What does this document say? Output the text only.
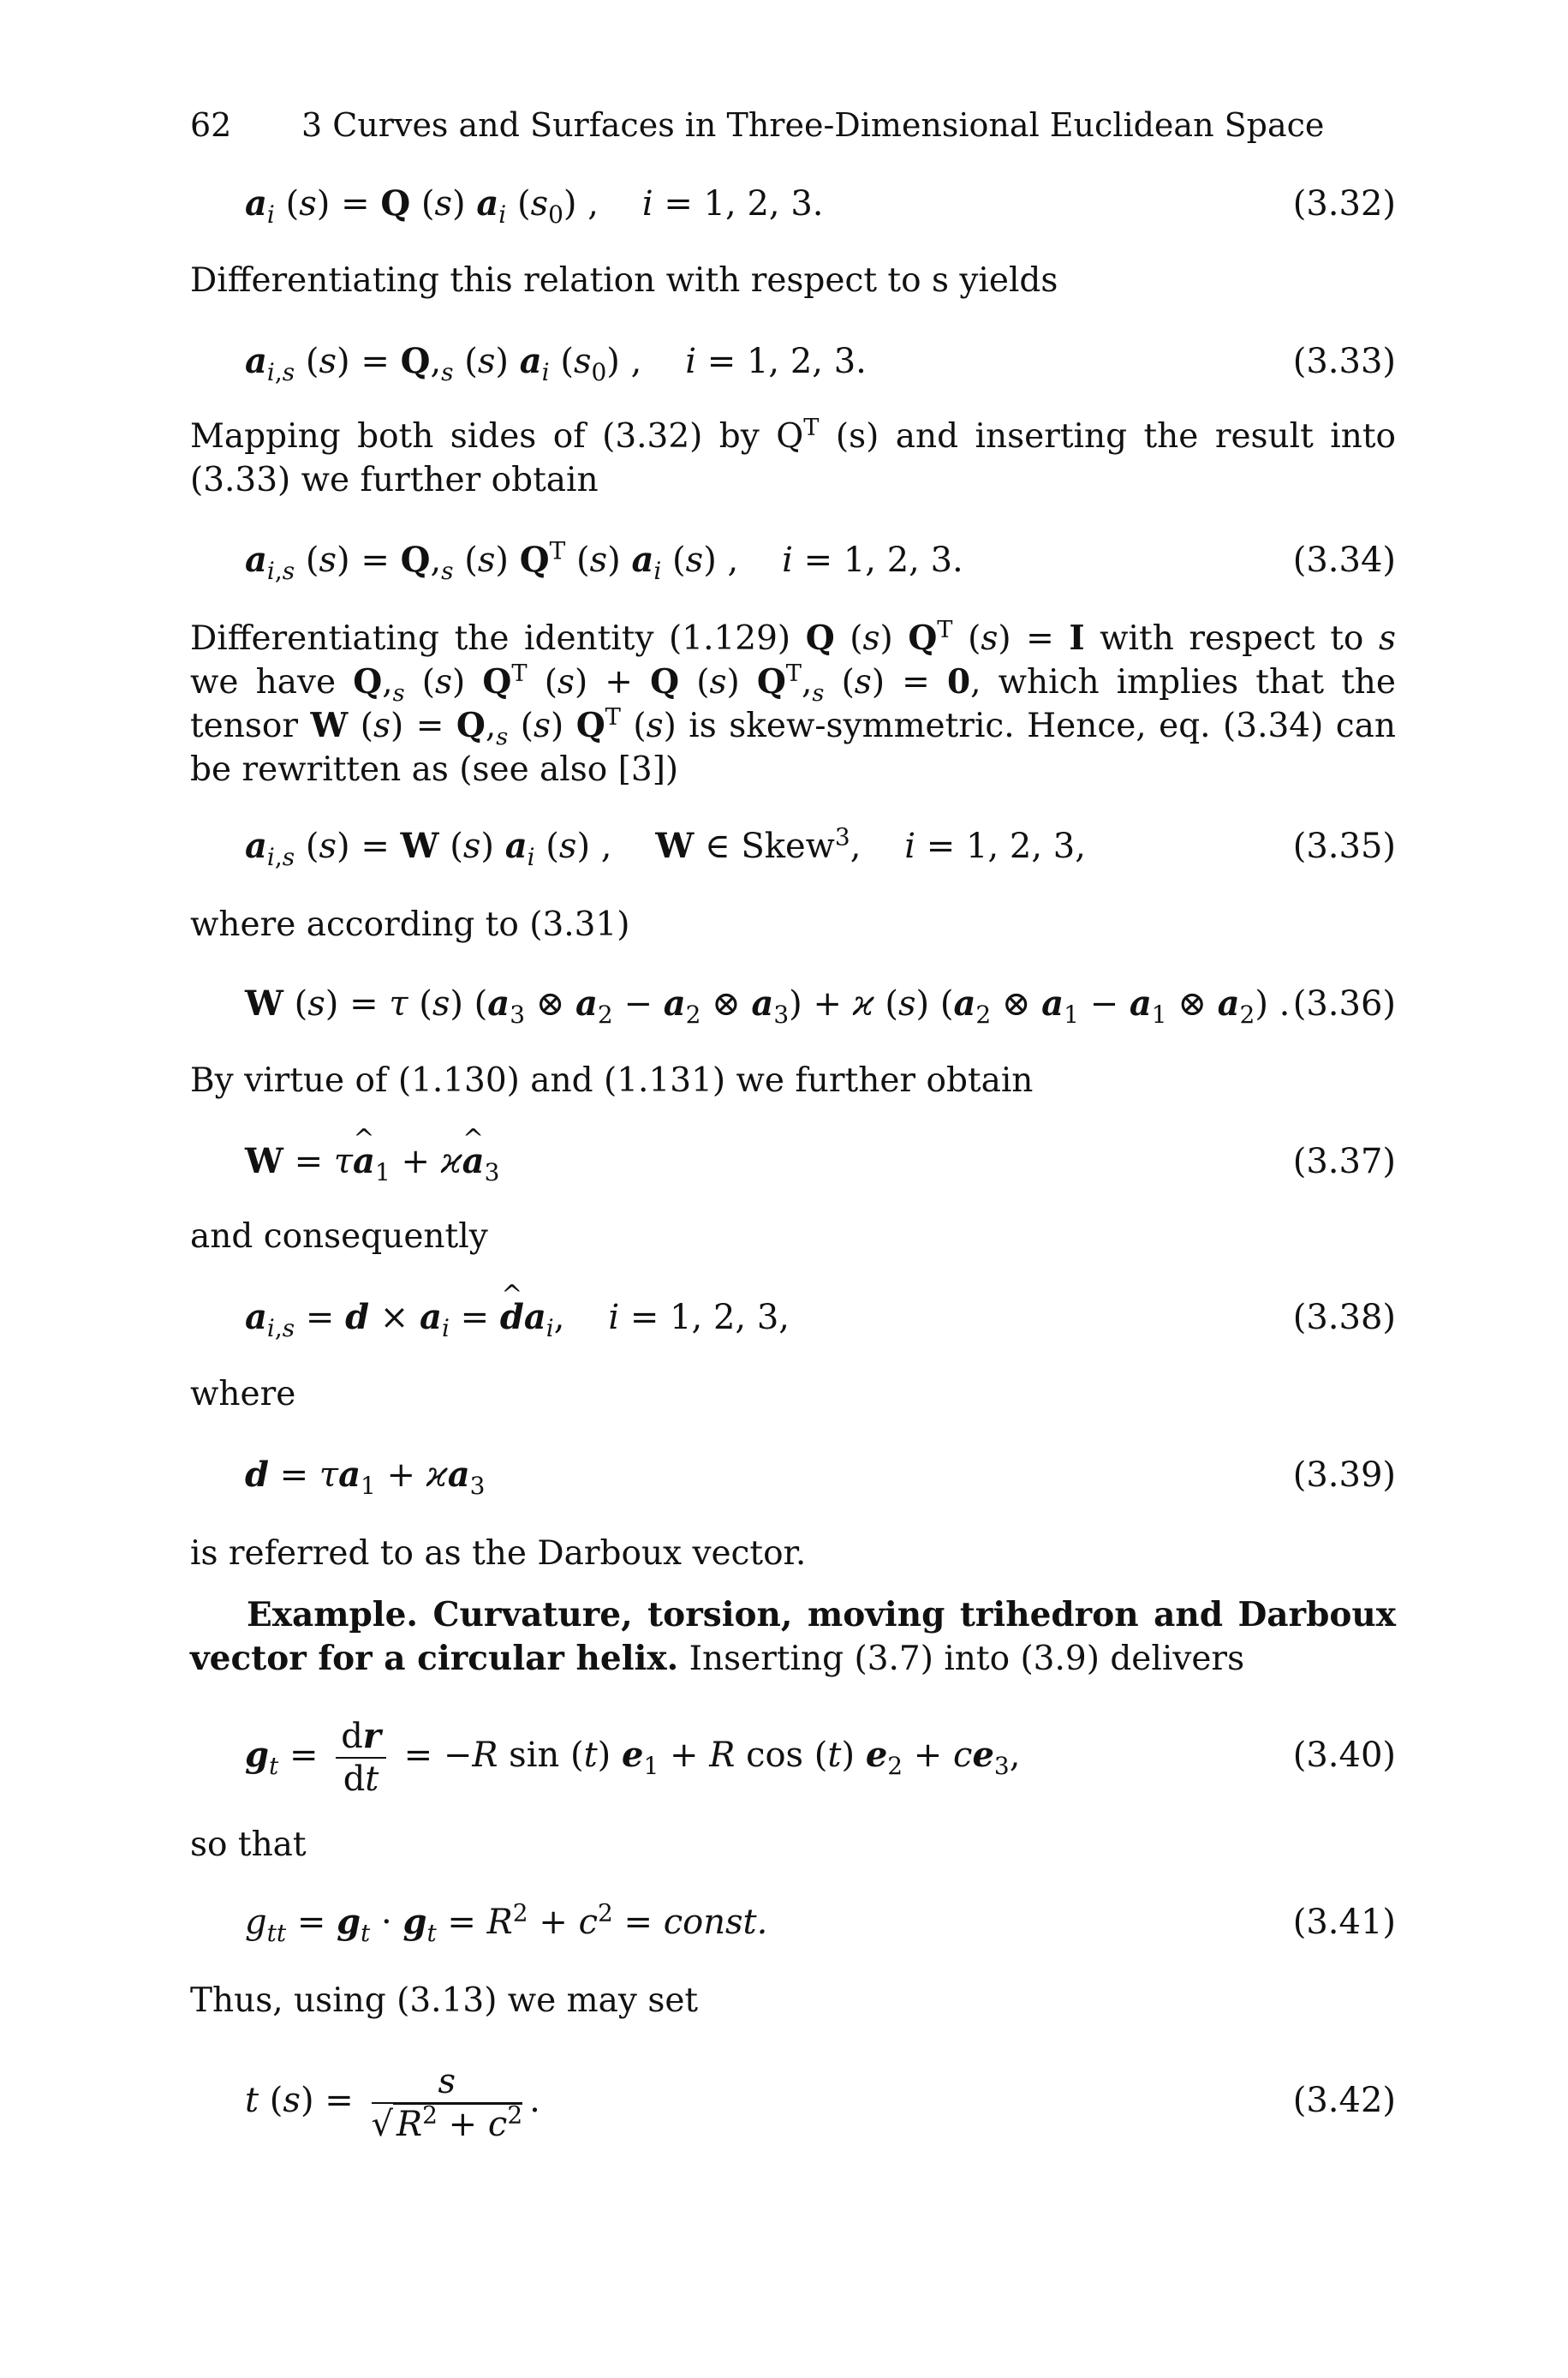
62 3 Curves and Surfaces in Three-Dimensional Euclidean Space
$a_i$ (s) = Q (s) $a_i$ $(s_0)$ ,    i = 1, 2, 3.	(3.32)

Differentiating this relation with respect to s yields

$a_{i,s}$ $(s) = Q,_s$ (s) $a_i$ $(s_0)$ ,    i = 1, 2, 3.	(3.33)

Mapping both sides of (3.32) by $Q^T$ (s) and inserting the result into (3.33) we further obtain

$a_{i,s}$ $(s) = Q,_s$ (s) $Q^T$ (s) $a_i$ (s) ,    i = 1, 2, 3.	(3.34)

Differentiating the identity (1.129) Q (s) $Q^T$ (s) = I with respect to s we have $Q,_s$ (s) $Q^T$ (s) + Q (s) $Q^T,_s$ (s) = 0, which implies that the tensor W $(s) = Q,_s$ (s) $Q^T$ (s) is skew-symmetric. Hence, eq. (3.34) can be rewritten as (see also [3])

$a_{i,s}$ (s) = W (s) $a_i$ (s) ,    W ∈ Skew$^3$,    i = 1, 2, 3,	(3.35)

where according to (3.31)

W (s) = τ (s) ($a_3$ ⊗ $a_2 - a_2$ ⊗ $a_3) + ϰ$ (s) ($a_2$ ⊗ $a_1 - a_1$ ⊗ $a_2$) . (3.36)

By virtue of (1.130) and (1.131) we further obtain

W = τ^ $a_1$ + ϰ^ $a_3$	(3.37)

and consequently

$a_{i,s} = d \times a_i$ = ^ $da_i$,    i = 1, 2, 3,	(3.38)

where

$d = \tau a_1 + ϰa_3$	(3.39)

is referred to as the Darboux vector.

Example. Curvature, torsion, moving trihedron and Darboux vector for a circular helix. Inserting (3.7) into (3.9) delivers

$g_t = \frac{dr}{dt} = -R$ sin (t) $e_1 + R$ cos (t) $e_2 + ce_3$,	(3.40)

so that

$g_{tt} = g_t \cdot g_t = R^2 + c^2$ = const.	(3.41)

Thus, using (3.13) we may set

t $(s) = \frac{s}{√ R^2 + c^2}$ .	(3.42)
